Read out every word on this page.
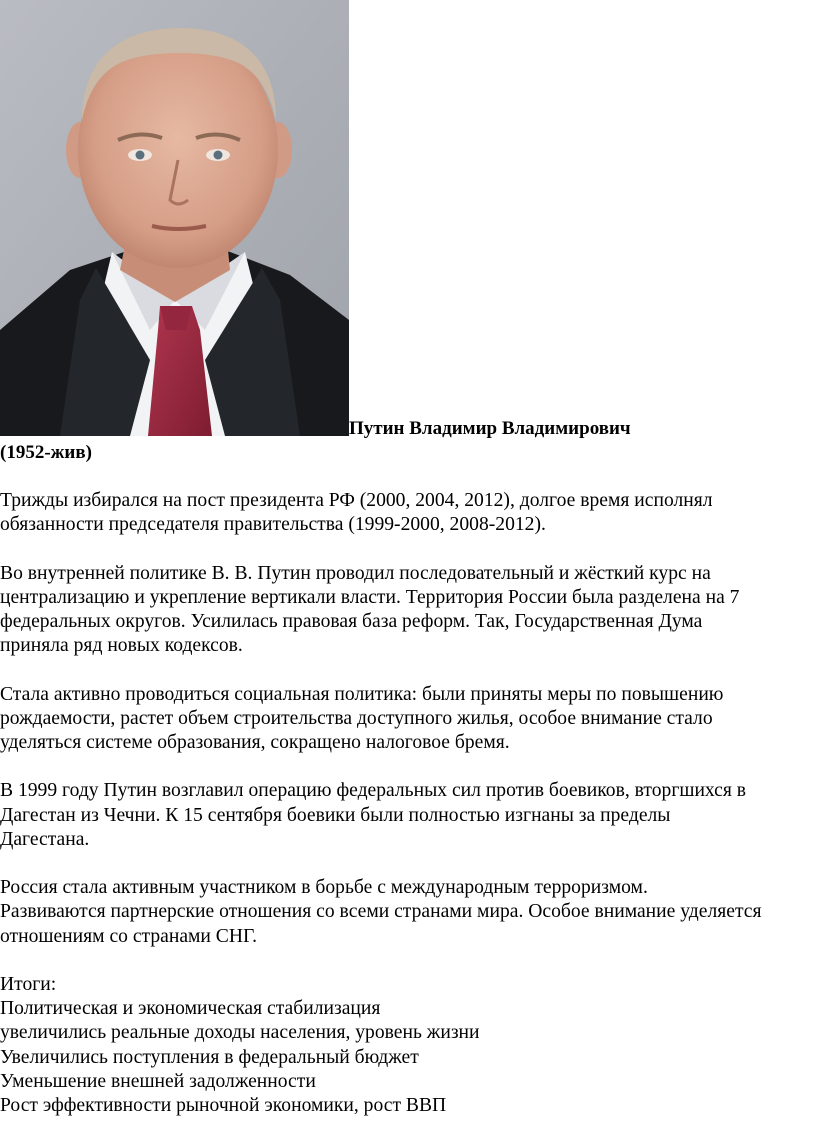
Путин Владимир Владимирович
(1952-жив)

Трижды избирался на пост президента РФ (2000, 2004, 2012), долгое время исполнял
обязанности председателя правительства (1999-2000, 2008-2012).

Во внутренней политике В. В. Путин проводил последовательный и жёсткий курс на
централизацию и укрепление вертикали власти. Территория России была разделена на 7
федеральных округов. Усилилась правовая база реформ. Так, Государственная Дума
приняла ряд новых кодексов.

Стала активно проводиться социальная политика: были приняты меры по повышению
рождаемости, растет объем строительства доступного жилья, особое внимание стало
уделяться системе образования, сокращено налоговое бремя.

В 1999 году Путин возглавил операцию федеральных сил против боевиков, вторгшихся в
Дагестан из Чечни. К 15 сентября боевики были полностью изгнаны за пределы
Дагестана.

Россия стала активным участником в борьбе с международным терроризмом.
Развиваются партнерские отношения со всеми странами мира. Особое внимание уделяется
отношениям со странами СНГ.

Итоги:
Политическая и экономическая стабилизация
увеличились реальные доходы населения, уровень жизни
Увеличились поступления в федеральный бюджет
Уменьшение внешней задолженности
Рост эффективности рыночной экономики, рост ВВП
